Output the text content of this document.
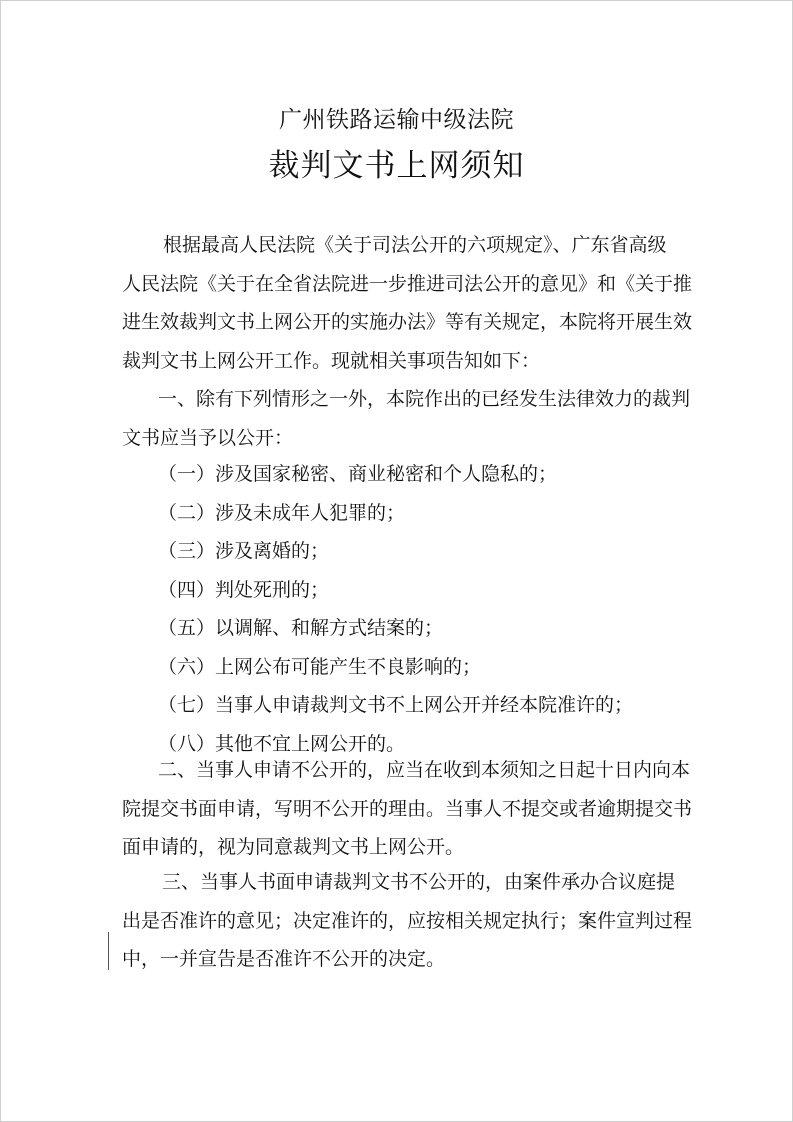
广州铁路运输中级法院
裁判文书上网须知
根据最高人民法院《关于司法公开的六项规定》、广东省高级
人民法院《关于在全省法院进一步推进司法公开的意见》和《关于推
进生效裁判文书上网公开的实施办法》等有关规定，本院将开展生效
裁判文书上网公开工作。现就相关事项告知如下：
一、除有下列情形之一外，本院作出的已经发生法律效力的裁判
文书应当予以公开：
（一）涉及国家秘密、商业秘密和个人隐私的；
（二）涉及未成年人犯罪的；
（三）涉及离婚的；
（四）判处死刑的；
（五）以调解、和解方式结案的；
（六）上网公布可能产生不良影响的；
（七）当事人申请裁判文书不上网公开并经本院准许的；
（八）其他不宜上网公开的。
二、当事人申请不公开的，应当在收到本须知之日起十日内向本
院提交书面申请，写明不公开的理由。当事人不提交或者逾期提交书
面申请的，视为同意裁判文书上网公开。
三、当事人书面申请裁判文书不公开的，由案件承办合议庭提
出是否准许的意见；决定准许的，应按相关规定执行；案件宣判过程
中，一并宣告是否准许不公开的决定。
